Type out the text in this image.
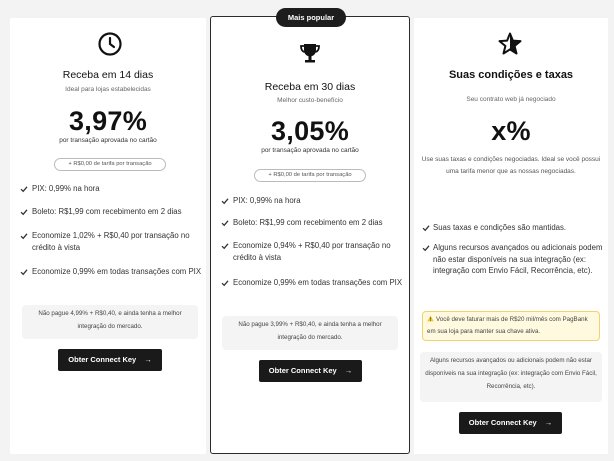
Receba em 14 dias
Ideal para lojas estabelecidas
3,97%
por transação aprovada no cartão
+ R$0,00 de tarifa por transação
PIX: 0,99% na hora
Boleto: R$1,99 com recebimento em 2 dias
Economize 1,02% + R$0,40 por transação no crédito à vista
Economize 0,99% em todas transações com PIX
Não pague 4,99% + R$0,40, e ainda tenha a melhor integração do mercado.
Obter Connect Key →
Mais popular
Receba em 30 dias
Melhor custo-benefício
3,05%
por transação aprovada no cartão
+ R$0,00 de tarifa por transação
PIX: 0,99% na hora
Boleto: R$1,99 com recebimento em 2 dias
Economize 0,94% + R$0,40 por transação no crédito à vista
Economize 0,99% em todas transações com PIX
Não pague 3,99% + R$0,40, e ainda tenha a melhor integração do mercado.
Obter Connect Key →
Suas condições e taxas
Seu contrato web já negociado
x%
Use suas taxas e condições negociadas. Ideal se você possui uma tarifa menor que as nossas negociadas.
Suas taxas e condições são mantidas.
Alguns recursos avançados ou adicionais podem não estar disponíveis na sua integração (ex: integração com Envio Fácil, Recorrência, etc).
Você deve faturar mais de R$20 mil/mês com PagBank em sua loja para manter sua chave ativa.
Alguns recursos avançados ou adicionais podem não estar disponíveis na sua integração (ex: integração com Envio Fácil, Recorrência, etc).
Obter Connect Key →
